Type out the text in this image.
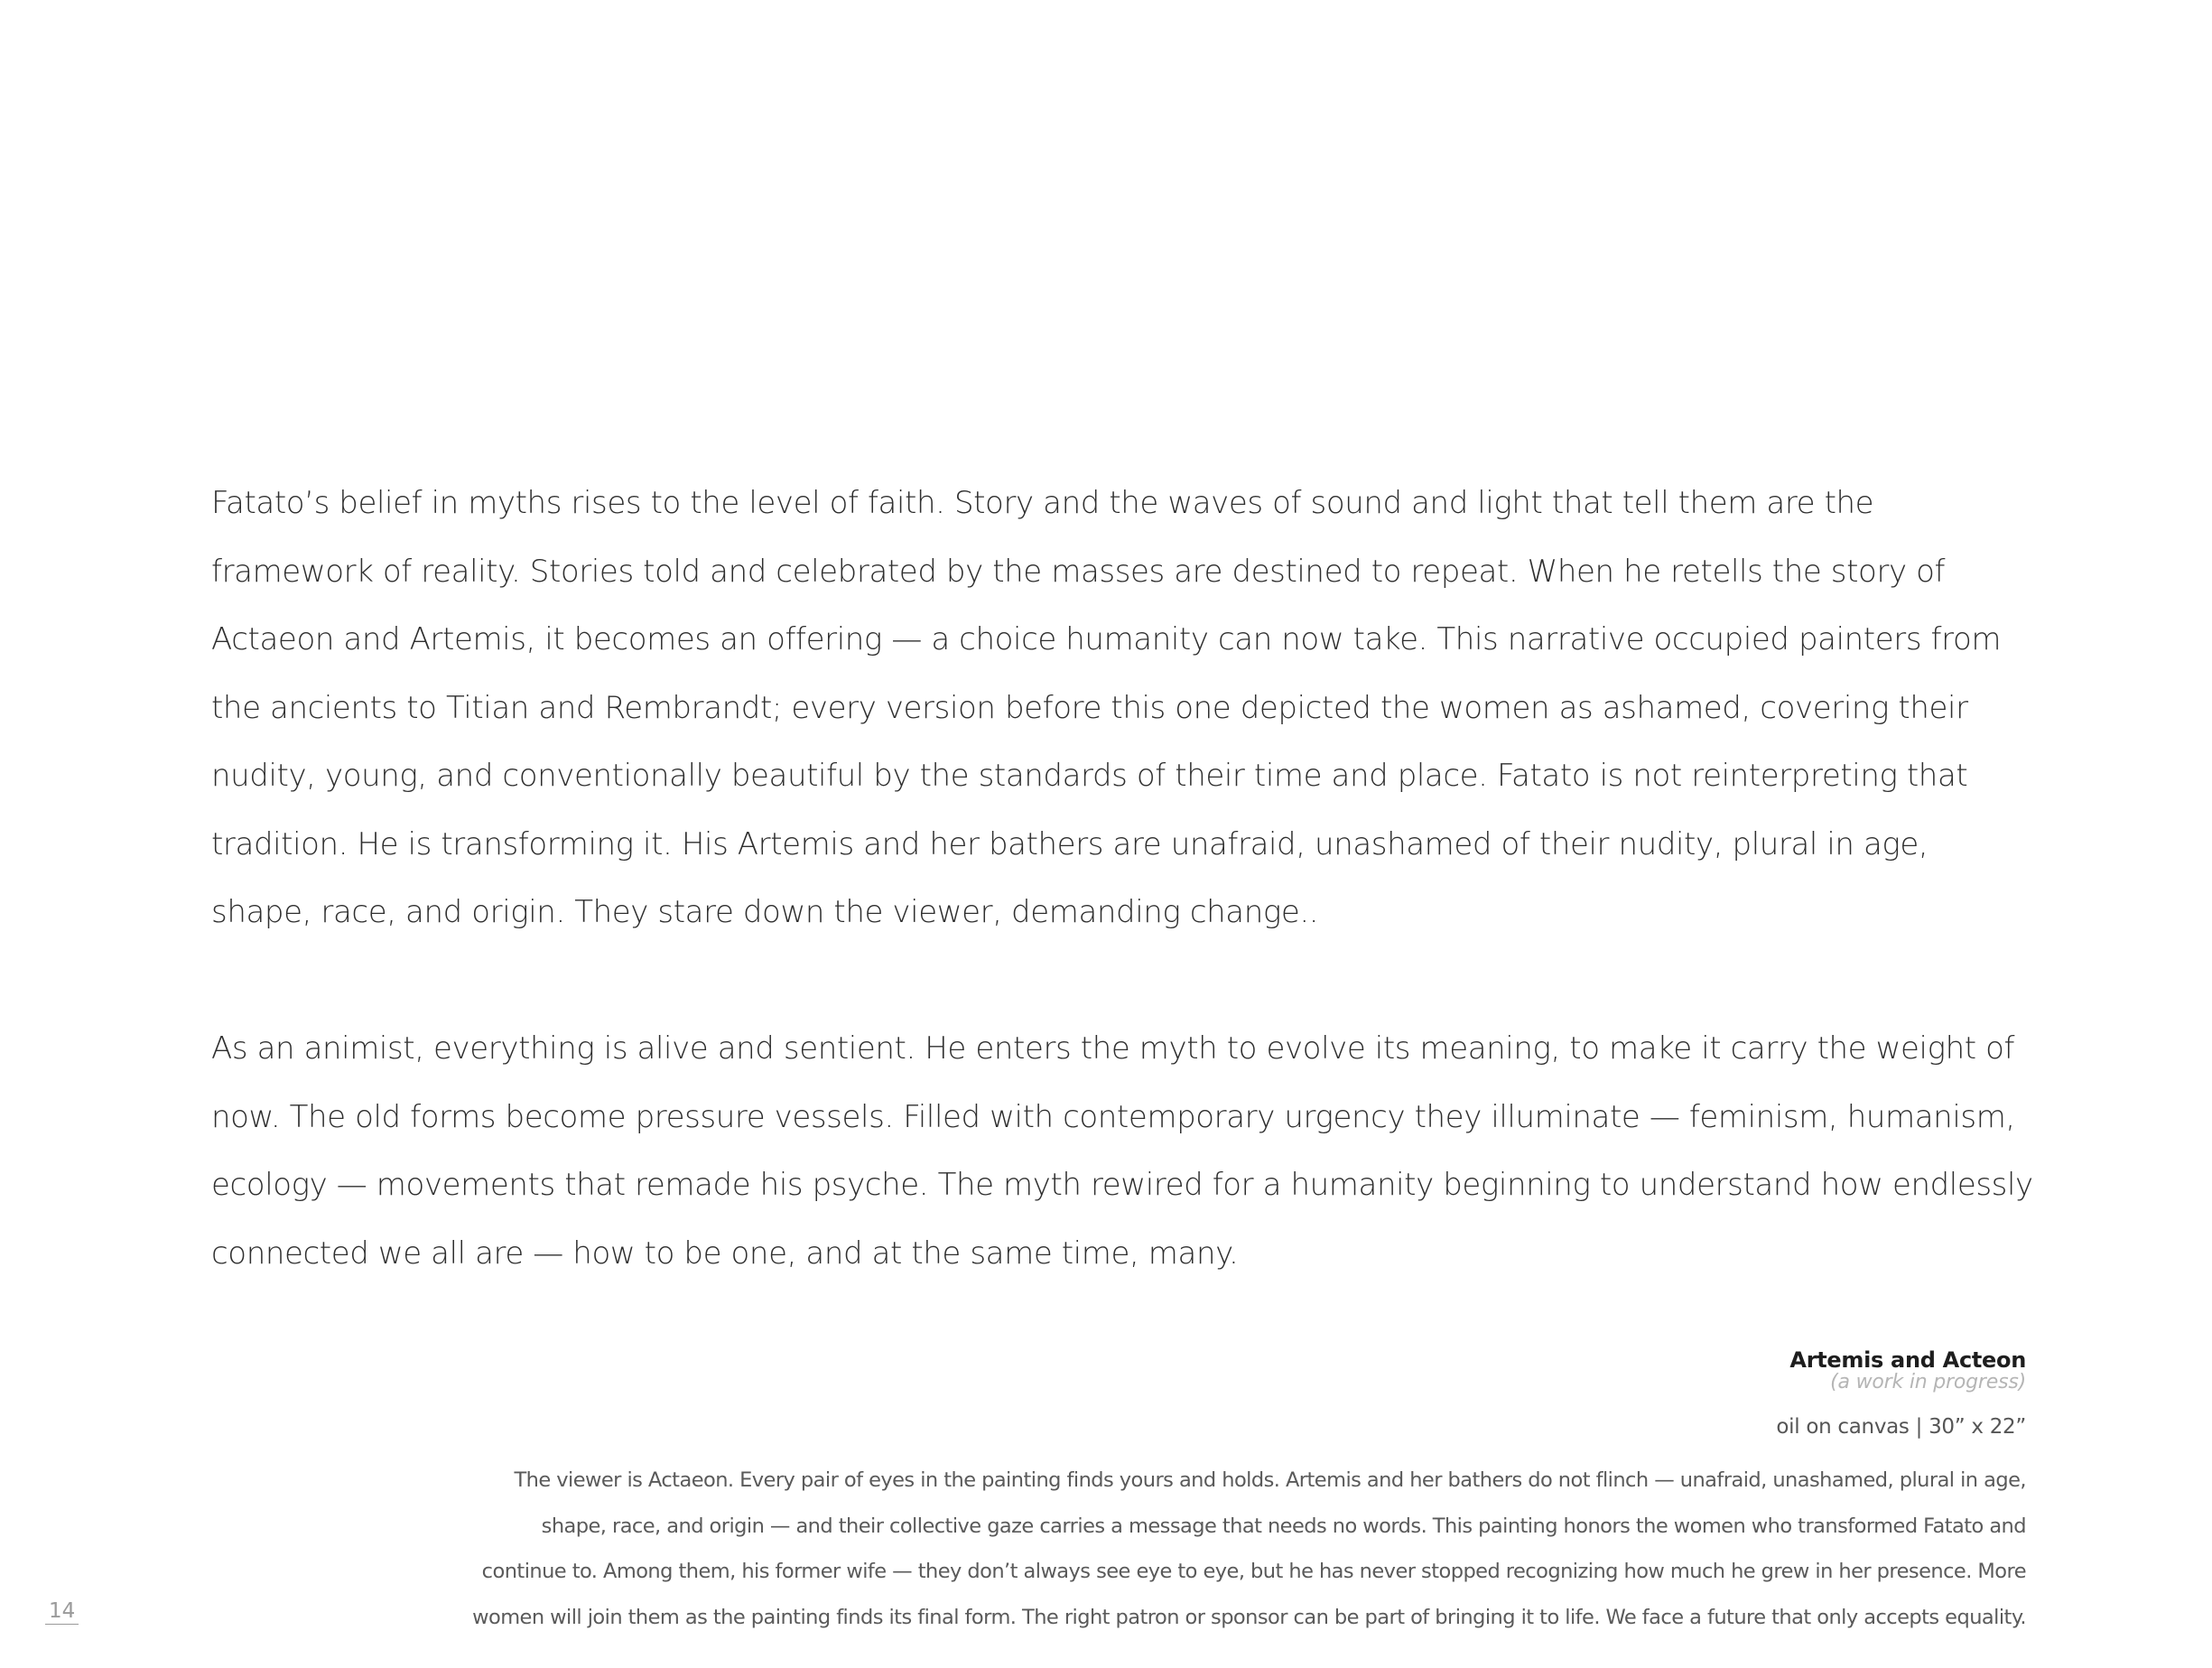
Fatato’s belief in myths rises to the level of faith. Story and the waves of sound and light that tell them are the framework of reality. Stories told and celebrated by the masses are destined to repeat. When he retells the story of Actaeon and Artemis, it becomes an offering — a choice humanity can now take. This narrative occupied painters from the ancients to Titian and Rembrandt; every version before this one depicted the women as ashamed, covering their nudity, young, and conventionally beautiful by the standards of their time and place. Fatato is not reinterpreting that tradition. He is transforming it. His Artemis and her bathers are unafraid, unashamed of their nudity, plural in age, shape, race, and origin. They stare down the viewer, demanding change..

As an animist, everything is alive and sentient. He enters the myth to evolve its meaning, to make it carry the weight of now. The old forms become pressure vessels. Filled with contemporary urgency they illuminate — feminism, humanism, ecology — movements that remade his psyche. The myth rewired for a humanity beginning to understand how endlessly connected we all are — how to be one, and at the same time, many.

Artemis and Acteon
(a work in progress)
oil on canvas | 30” x 22”
The viewer is Actaeon. Every pair of eyes in the painting finds yours and holds. Artemis and her bathers do not flinch — unafraid, unashamed, plural in age,
shape, race, and origin — and their collective gaze carries a message that needs no words. This painting honors the women who transformed Fatato and
continue to. Among them, his former wife — they don’t always see eye to eye, but he has never stopped recognizing how much he grew in her presence. More
women will join them as the painting finds its final form. The right patron or sponsor can be part of bringing it to life. We face a future that only accepts equality.
14
